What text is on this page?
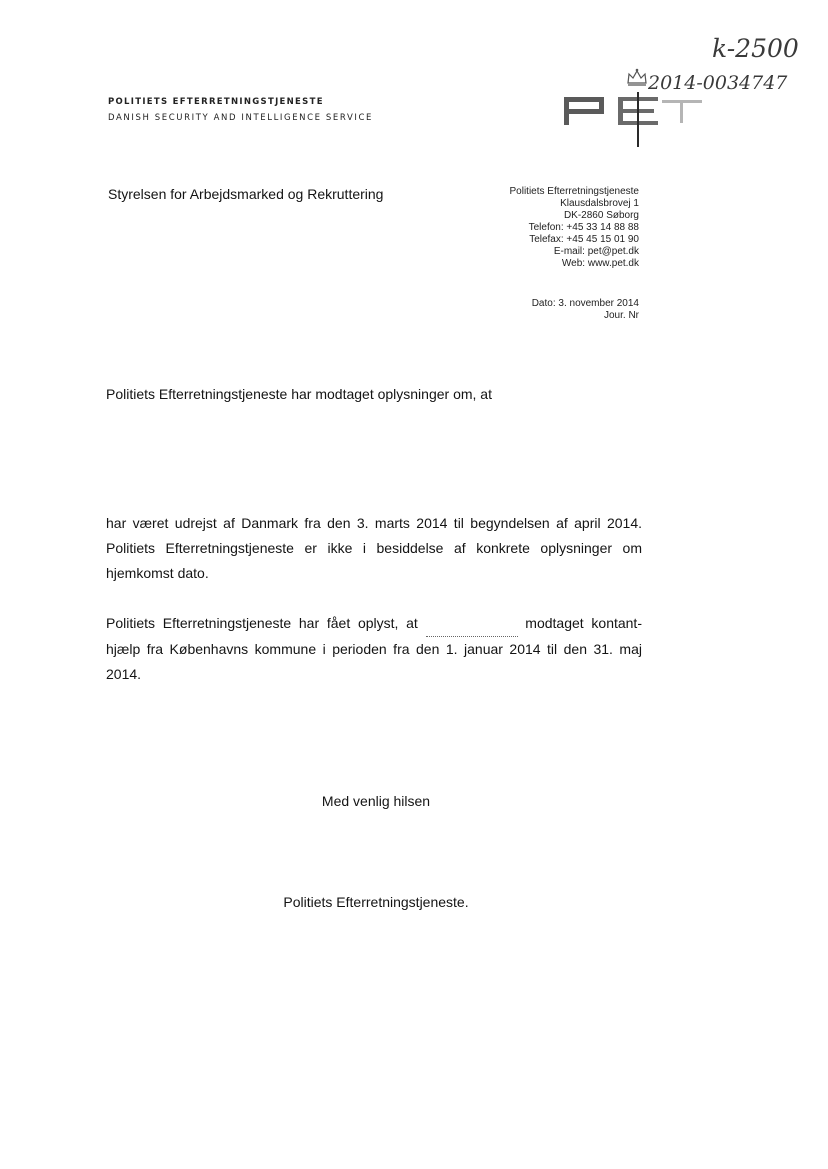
k-2500
2014-0034747
POLITIETS EFTERRETNINGSTJENESTE
DANISH SECURITY AND INTELLIGENCE SERVICE
Styrelsen for Arbejdsmarked og Rekruttering	Politiets Efterretningstjeneste
Klausdalsbrovej 1
DK-2860 Søborg
Telefon: +45 33 14 88 88
Telefax: +45 45 15 01 90
E-mail: pet@pet.dk
Web: www.pet.dk
Dato: 3. november 2014
Jour. Nr
Politiets Efterretningstjeneste har modtaget oplysninger om, at
har været udrejst af Danmark fra den 3. marts 2014 til begyndelsen af april 2014. Politiets Efterretningstjeneste er ikke i besiddelse af konkrete oplysninger om hjemkomst dato.
Politiets Efterretningstjeneste har fået oplyst, at	modtaget kontant-hjælp fra Københavns kommune i perioden fra den 1. januar 2014 til den 31. maj 2014.
Med venlig hilsen
Politiets Efterretningstjeneste.
